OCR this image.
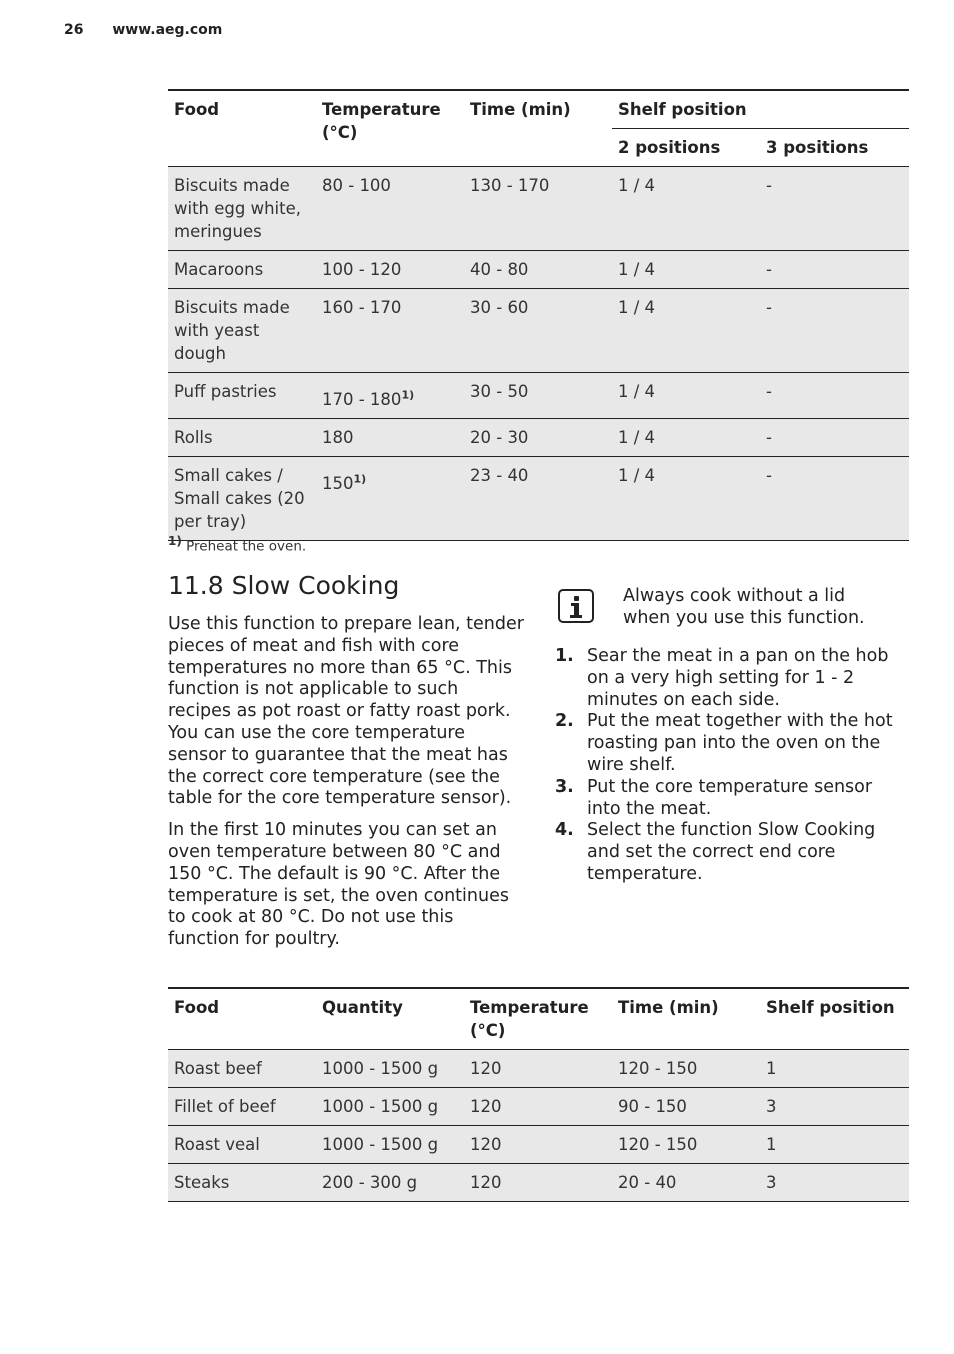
26 www.aeg.com
Food	Temperature (°C)	Time (min)	Shelf position	
			2 positions	3 positions
Biscuits made with egg white, meringues	80 - 100	130 - 170	1 / 4	-
Macaroons	100 - 120	40 - 80	1 / 4	-
Biscuits made with yeast dough	160 - 170	30 - 60	1 / 4	-
Puff pastries	170 - 180$^{1)}$	30 - 50	1 / 4	-
Rolls	180	20 - 30	1 / 4	-
Small cakes / Small cakes (20 per tray)	150$^{1)}$	23 - 40	1 / 4	-
1) Preheat the oven.
11.8 Slow Cooking

Use this function to prepare lean, tender pieces of meat and fish with core temperatures no more than 65 °C. This function is not applicable to such recipes as pot roast or fatty roast pork. You can use the core temperature sensor to guarantee that the meat has the correct core temperature (see the table for the core temperature sensor).

In the first 10 minutes you can set an oven temperature between 80 °C and 150 °C. The default is 90 °C. After the temperature is set, the oven continues to cook at 80 °C. Do not use this function for poultry.

Always cook without a lid when you use this function.
1. Sear the meat in a pan on the hob on a very high setting for 1 - 2 minutes on each side.
2. Put the meat together with the hot roasting pan into the oven on the wire shelf.
3. Put the core temperature sensor into the meat.
4. Select the function Slow Cooking and set the correct end core temperature.
Food	Quantity	Temperature (°C)	Time (min)	Shelf position
Roast beef	1000 - 1500 g	120	120 - 150	1
Fillet of beef	1000 - 1500 g	120	90 - 150	3
Roast veal	1000 - 1500 g	120	120 - 150	1
Steaks	200 - 300 g	120	20 - 40	3
